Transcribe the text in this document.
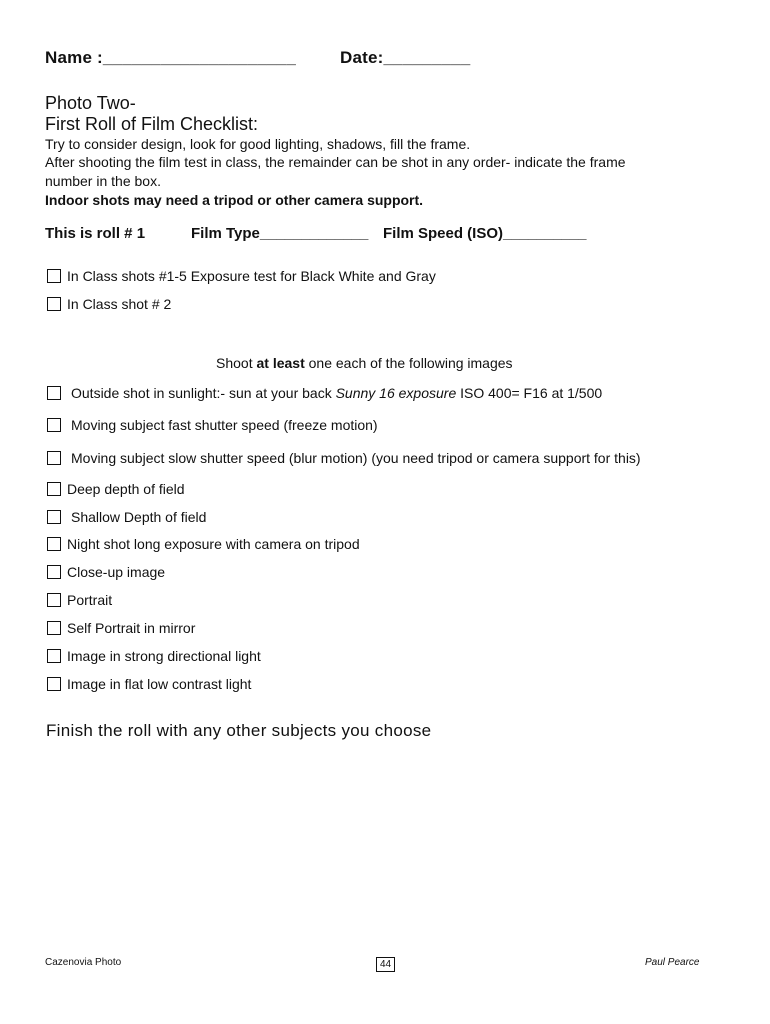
Name :____________________	Date:_________
Photo Two-
First Roll of Film Checklist:
Try to consider design, look for good lighting, shadows, fill the frame.
After shooting the film test in class, the remainder can be shot in any order- indicate the frame
number in the box.
Indoor shots may need a tripod or other camera support.
This is roll # 1	Film Type_____________ Film Speed (ISO)__________
In Class shots #1-5 Exposure test for Black White and Gray
In Class shot # 2
Shoot at least one each of the following images
Outside shot in sunlight:- sun at your back Sunny 16 exposure ISO 400= F16 at 1/500
Moving subject fast shutter speed (freeze motion)
Moving subject slow shutter speed (blur motion) (you need tripod or camera support for this)
Deep depth of field
Shallow Depth of field
Night shot long exposure with camera on tripod
Close-up image
Portrait
Self Portrait in mirror
Image in strong directional light
Image in flat low contrast light
Finish the roll with any other subjects you choose
Cazenovia Photo	44	Paul Pearce
